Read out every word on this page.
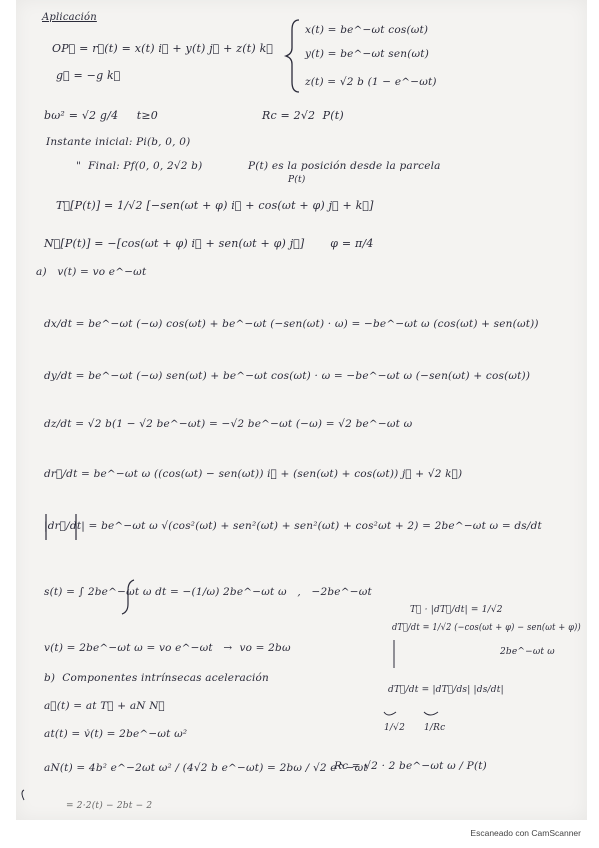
Aplicación
OP⃗ = r⃗(t) = x(t) i⃗ + y(t) j⃗ + z(t) k⃗
x(t) = be^−ωt cos(ωt)
y(t) = be^−ωt sen(ωt)
z(t) = √2 b (1 − e^−ωt)
g⃗ = −g k⃗
bω² = √2 g/4     t≥0	Rc = 2√2  P(t)
Instante inicial: Pi(b, 0, 0)
"  Final: Pf(0, 0, 2√2 b)	P(t) es la posición desde la parcela
P(t)
T⃗[P(t)] = 1/√2 [−sen(ωt + φ) i⃗ + cos(ωt + φ) j⃗ + k⃗]
N⃗[P(t)] = −[cos(ωt + φ) i⃗ + sen(ωt + φ) j⃗]       φ = π/4
a)   v(t) = vo e^−ωt
dx/dt = be^−ωt (−ω) cos(ωt) + be^−ωt (−sen(ωt) · ω) = −be^−ωt ω (cos(ωt) + sen(ωt))
dy/dt = be^−ωt (−ω) sen(ωt) + be^−ωt cos(ωt) · ω = −be^−ωt ω (−sen(ωt) + cos(ωt))
dz/dt = √2 b(1 − √2 be^−ωt) = −√2 be^−ωt (−ω) = √2 be^−ωt ω
dr⃗/dt = be^−ωt ω ((cos(ωt) − sen(ωt)) i⃗ + (sen(ωt) + cos(ωt)) j⃗ + √2 k⃗)
|dr⃗/dt| = be^−ωt ω √(cos²(ωt) + sen²(ωt) + sen²(ωt) + cos²ωt + 2) = 2be^−ωt ω = ds/dt
s(t) = ∫ 2be^−ωt ω dt = −(1/ω) 2be^−ωt ω   ,   −2be^−ωt
T⃗ · |dT⃗/dt| = 1/√2
dT⃗/dt = 1/√2 (−cos(ωt + φ) − sen(ωt + φ))
v(t) = 2be^−ωt ω = vo e^−ωt   →  vo = 2bω	2be^−ωt ω
b)  Componentes intrínsecas aceleración
dT⃗/dt = |dT⃗/ds| |ds/dt|
a⃗(t) = at T⃗ + aN N⃗
1/√2 1/Rc
at(t) = v̇(t) = 2be^−ωt ω²
aN(t) = 4b² e^−2ωt ω² / (4√2 b e^−ωt) = 2bω / √2 e^−ωt
Rc = √2 · 2 be^−ωt ω / P(t)
= 2·2(t) − 2bt − 2
Escaneado con CamScanner
